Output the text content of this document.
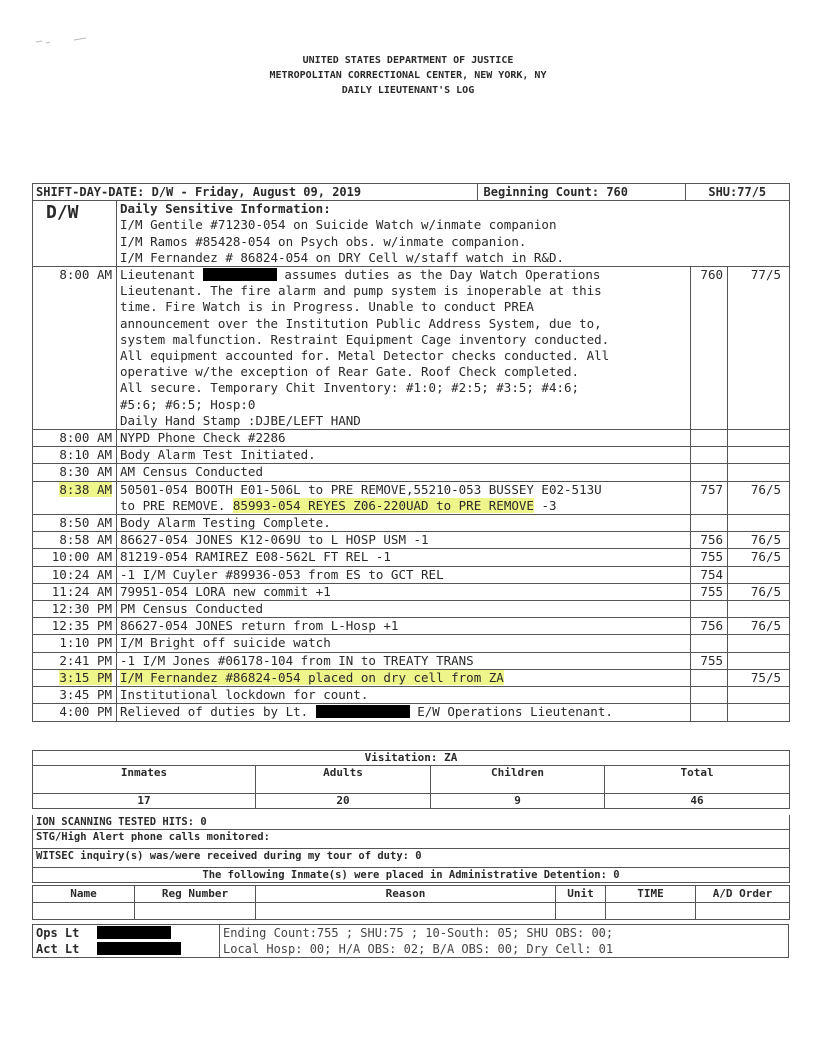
UNITED STATES DEPARTMENT OF JUSTICE
METROPOLITAN CORRECTIONAL CENTER, NEW YORK, NY
DAILY LIEUTENANT'S LOG
SHIFT-DAY-DATE: D/W - Friday, August 09, 2019	Beginning Count: 760	SHU:77/5

D/W	Daily Sensitive Information:
I/M Gentile #71230-054 on Suicide Watch w/inmate companion
I/M Ramos #85428-054 on Psych obs. w/inmate companion.
I/M Fernandez # 86824-054 on DRY Cell w/staff watch in R&D.

8:00 AM	Lieutenant	assumes duties as the Day Watch Operations
Lieutenant. The fire alarm and pump system is inoperable at this
time. Fire Watch is in Progress. Unable to conduct PREA
announcement over the Institution Public Address System, due to,
system malfunction. Restraint Equipment Cage inventory conducted.
All equipment accounted for. Metal Detector checks conducted. All
operative w/the exception of Rear Gate. Roof Check completed.
All secure. Temporary Chit Inventory: #1:0; #2:5; #3:5; #4:6;
#5:6; #6:5; Hosp:0
Daily Hand Stamp :DJBE/LEFT HAND
	760	77/5
8:00 AM	NYPD Phone Check #2286		
8:10 AM	Body Alarm Test Initiated.		
8:30 AM	AM Census Conducted		
8:38 AM	50501-054 BOOTH E01-506L to PRE REMOVE,55210-053 BUSSEY E02-513U
to PRE REMOVE. 85993-054 REYES Z06-220UAD to PRE REMOVE -3
	757	76/5
8:50 AM	Body Alarm Testing Complete.		
8:58 AM	86627-054 JONES K12-069U to L HOSP USM -1	756	76/5
10:00 AM	81219-054 RAMIREZ E08-562L FT REL -1	755	76/5
10:24 AM	-1 I/M Cuyler #89936-053 from ES to GCT REL	754	
11:24 AM	79951-054 LORA new commit +1	755	76/5
12:30 PM	PM Census Conducted		
12:35 PM	86627-054 JONES return from L-Hosp +1	756	76/5
1:10 PM	I/M Bright off suicide watch		
2:41 PM	-1 I/M Jones #06178-104 from IN to TREATY TRANS	755	
3:15 PM	I/M Fernandez #86824-054 placed on dry cell from ZA		75/5
3:45 PM	Institutional lockdown for count.		
4:00 PM	Relieved of duties by Lt.	E/W Operations Lieutenant.		
Visitation: ZA			
Inmates	Adults	Children	Total
17	20	9	46
ION SCANNING TESTED HITS: 0
STG/High Alert phone calls monitored:
WITSEC inquiry(s) was/were received during my tour of duty: 0
The following Inmate(s) were placed in Administrative Detention: 0
Name	Reg Number	Reason	Unit	TIME	A/D Order

Ops Lt
Act Lt

Ending Count:755 ; SHU:75 ; 10-South: 05; SHU OBS: 00;
Local Hosp: 00; H/A OBS: 02; B/A OBS: 00; Dry Cell: 01
